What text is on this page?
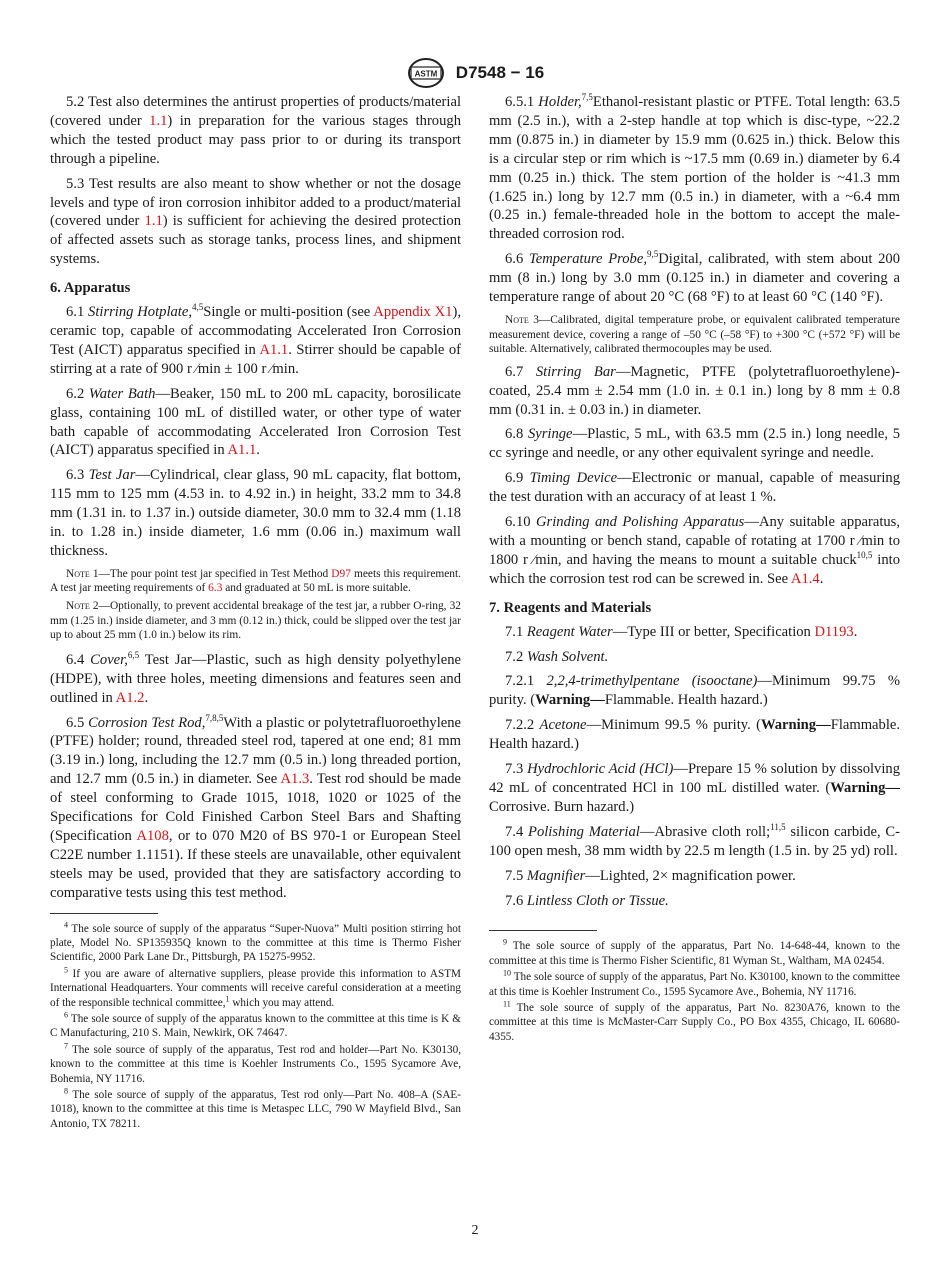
ASTM D7548 − 16

5.2 Test also determines the antirust properties of products/material (covered under 1.1) in preparation for the various stages through which the tested product may pass prior to or during its transport through a pipeline.

5.3 Test results are also meant to show whether or not the dosage levels and type of iron corrosion inhibitor added to a product/material (covered under 1.1) is sufficient for achieving the desired protection of affected assets such as storage tanks, process lines, and shipment systems.

6. Apparatus

6.1 Stirring Hotplate,$^{4,5}$Single or multi-position (see Appendix X1), ceramic top, capable of accommodating Accelerated Iron Corrosion Test (AICT) apparatus specified in A1.1. Stirrer should be capable of stirring at a rate of 900 r ⁄min ± 100 r ⁄min.

6.2 Water Bath—Beaker, 150 mL to 200 mL capacity, borosilicate glass, containing 100 mL of distilled water, or other type of water bath capable of accommodating Accelerated Iron Corrosion Test (AICT) apparatus specified in A1.1.

6.3 Test Jar—Cylindrical, clear glass, 90 mL capacity, flat bottom, 115 mm to 125 mm (4.53 in. to 4.92 in.) in height, 33.2 mm to 34.8 mm (1.31 in. to 1.37 in.) outside diameter, 30.0 mm to 32.4 mm (1.18 in. to 1.28 in.) inside diameter, 1.6 mm (0.06 in.) maximum wall thickness.

Note 1—The pour point test jar specified in Test Method D97 meets this requirement. A test jar meeting requirements of 6.3 and graduated at 50 mL is more suitable.
Note 2—Optionally, to prevent accidental breakage of the test jar, a rubber O-ring, 32 mm (1.25 in.) inside diameter, and 3 mm (0.12 in.) thick, could be slipped over the test jar up to about 25 mm (1.0 in.) below its rim.

6.4 Cover,$^{6,5}$ Test Jar—Plastic, such as high density polyethylene (HDPE), with three holes, meeting dimensions and features seen and outlined in A1.2.

6.5 Corrosion Test Rod,$^{7,8,5}$With a plastic or polytetrafluoroethylene (PTFE) holder; round, threaded steel rod, tapered at one end; 81 mm (3.19 in.) long, including the 12.7 mm (0.5 in.) long threaded portion, and 12.7 mm (0.5 in.) in diameter. See A1.3. Test rod should be made of steel conforming to Grade 1015, 1018, 1020 or 1025 of the Specifications for Cold Finished Carbon Steel Bars and Shafting (Specification A108, or to 070 M20 of BS 970-1 or European Steel C22E number 1.1151). If these steels are unavailable, other equivalent steels may be used, provided that they are satisfactory according to comparative tests using this test method.

$^4$ The sole source of supply of the apparatus “Super-Nuova” Multi position stirring hot plate, Model No. SP135935Q known to the committee at this time is Thermo Fisher Scientific, 2000 Park Lane Dr., Pittsburgh, PA 15275-9952.
$^5$ If you are aware of alternative suppliers, please provide this information to ASTM International Headquarters. Your comments will receive careful consideration at a meeting of the responsible technical committee,$^1$ which you may attend.
$^6$ The sole source of supply of the apparatus known to the committee at this time is K & C Manufacturing, 210 S. Main, Newkirk, OK 74647.
$^7$ The sole source of supply of the apparatus, Test rod and holder—Part No. K30130, known to the committee at this time is Koehler Instruments Co., 1595 Sycamore Ave, Bohemia, NY 11716.
$^8$ The sole source of supply of the apparatus, Test rod only—Part No. 408–A (SAE-1018), known to the committee at this time is Metaspec LLC, 790 W Mayfield Blvd., San Antonio, TX 78211.

6.5.1 Holder,$^{7,5}$Ethanol-resistant plastic or PTFE. Total length: 63.5 mm (2.5 in.), with a 2-step handle at top which is disc-type, ~22.2 mm (0.875 in.) in diameter by 15.9 mm (0.625 in.) thick. Below this is a circular step or rim which is ~17.5 mm (0.69 in.) diameter by 6.4 mm (0.25 in.) thick. The stem portion of the holder is ~41.3 mm (1.625 in.) long by 12.7 mm (0.5 in.) in diameter, with a ~6.4 mm (0.25 in.) female-threaded hole in the bottom to accept the male-threaded corrosion rod.

6.6 Temperature Probe,$^{9,5}$Digital, calibrated, with stem about 200 mm (8 in.) long by 3.0 mm (0.125 in.) in diameter and covering a temperature range of about 20 °C (68 °F) to at least 60 °C (140 °F).

Note 3—Calibrated, digital temperature probe, or equivalent calibrated temperature measurement device, covering a range of –50 °C (–58 °F) to +300 °C (+572 °F) will be suitable. Alternatively, calibrated thermocouples may be used.

6.7 Stirring Bar—Magnetic, PTFE (polytetrafluoroethylene)-coated, 25.4 mm ± 2.54 mm (1.0 in. ± 0.1 in.) long by 8 mm ± 0.8 mm (0.31 in. ± 0.03 in.) in diameter.

6.8 Syringe—Plastic, 5 mL, with 63.5 mm (2.5 in.) long needle, 5 cc syringe and needle, or any other equivalent syringe and needle.

6.9 Timing Device—Electronic or manual, capable of measuring the test duration with an accuracy of at least 1 %.

6.10 Grinding and Polishing Apparatus—Any suitable apparatus, with a mounting or bench stand, capable of rotating at 1700 r ⁄min to 1800 r ⁄min, and having the means to mount a suitable chuck$^{10,5}$ into which the corrosion test rod can be screwed in. See A1.4.

7. Reagents and Materials

7.1 Reagent Water—Type III or better, Specification D1193.

7.2 Wash Solvent.

7.2.1 2,2,4-trimethylpentane (isooctane)—Minimum 99.75 % purity. (Warning—Flammable. Health hazard.)

7.2.2 Acetone—Minimum 99.5 % purity. (Warning—Flammable. Health hazard.)

7.3 Hydrochloric Acid (HCl)—Prepare 15 % solution by dissolving 42 mL of concentrated HCl in 100 mL distilled water. (Warning—Corrosive. Burn hazard.)

7.4 Polishing Material—Abrasive cloth roll;$^{11,5}$ silicon carbide, C-100 open mesh, 38 mm width by 22.5 m length (1.5 in. by 25 yd) roll.

7.5 Magnifier—Lighted, 2× magnification power.

7.6 Lintless Cloth or Tissue.

$^9$ The sole source of supply of the apparatus, Part No. 14-648-44, known to the committee at this time is Thermo Fisher Scientific, 81 Wyman St., Waltham, MA 02454.
$^{10}$ The sole source of supply of the apparatus, Part No. K30100, known to the committee at this time is Koehler Instrument Co., 1595 Sycamore Ave., Bohemia, NY 11716.
$^{11}$ The sole source of supply of the apparatus, Part No. 8230A76, known to the committee at this time is McMaster-Carr Supply Co., PO Box 4355, Chicago, IL 60680-4355.
2
